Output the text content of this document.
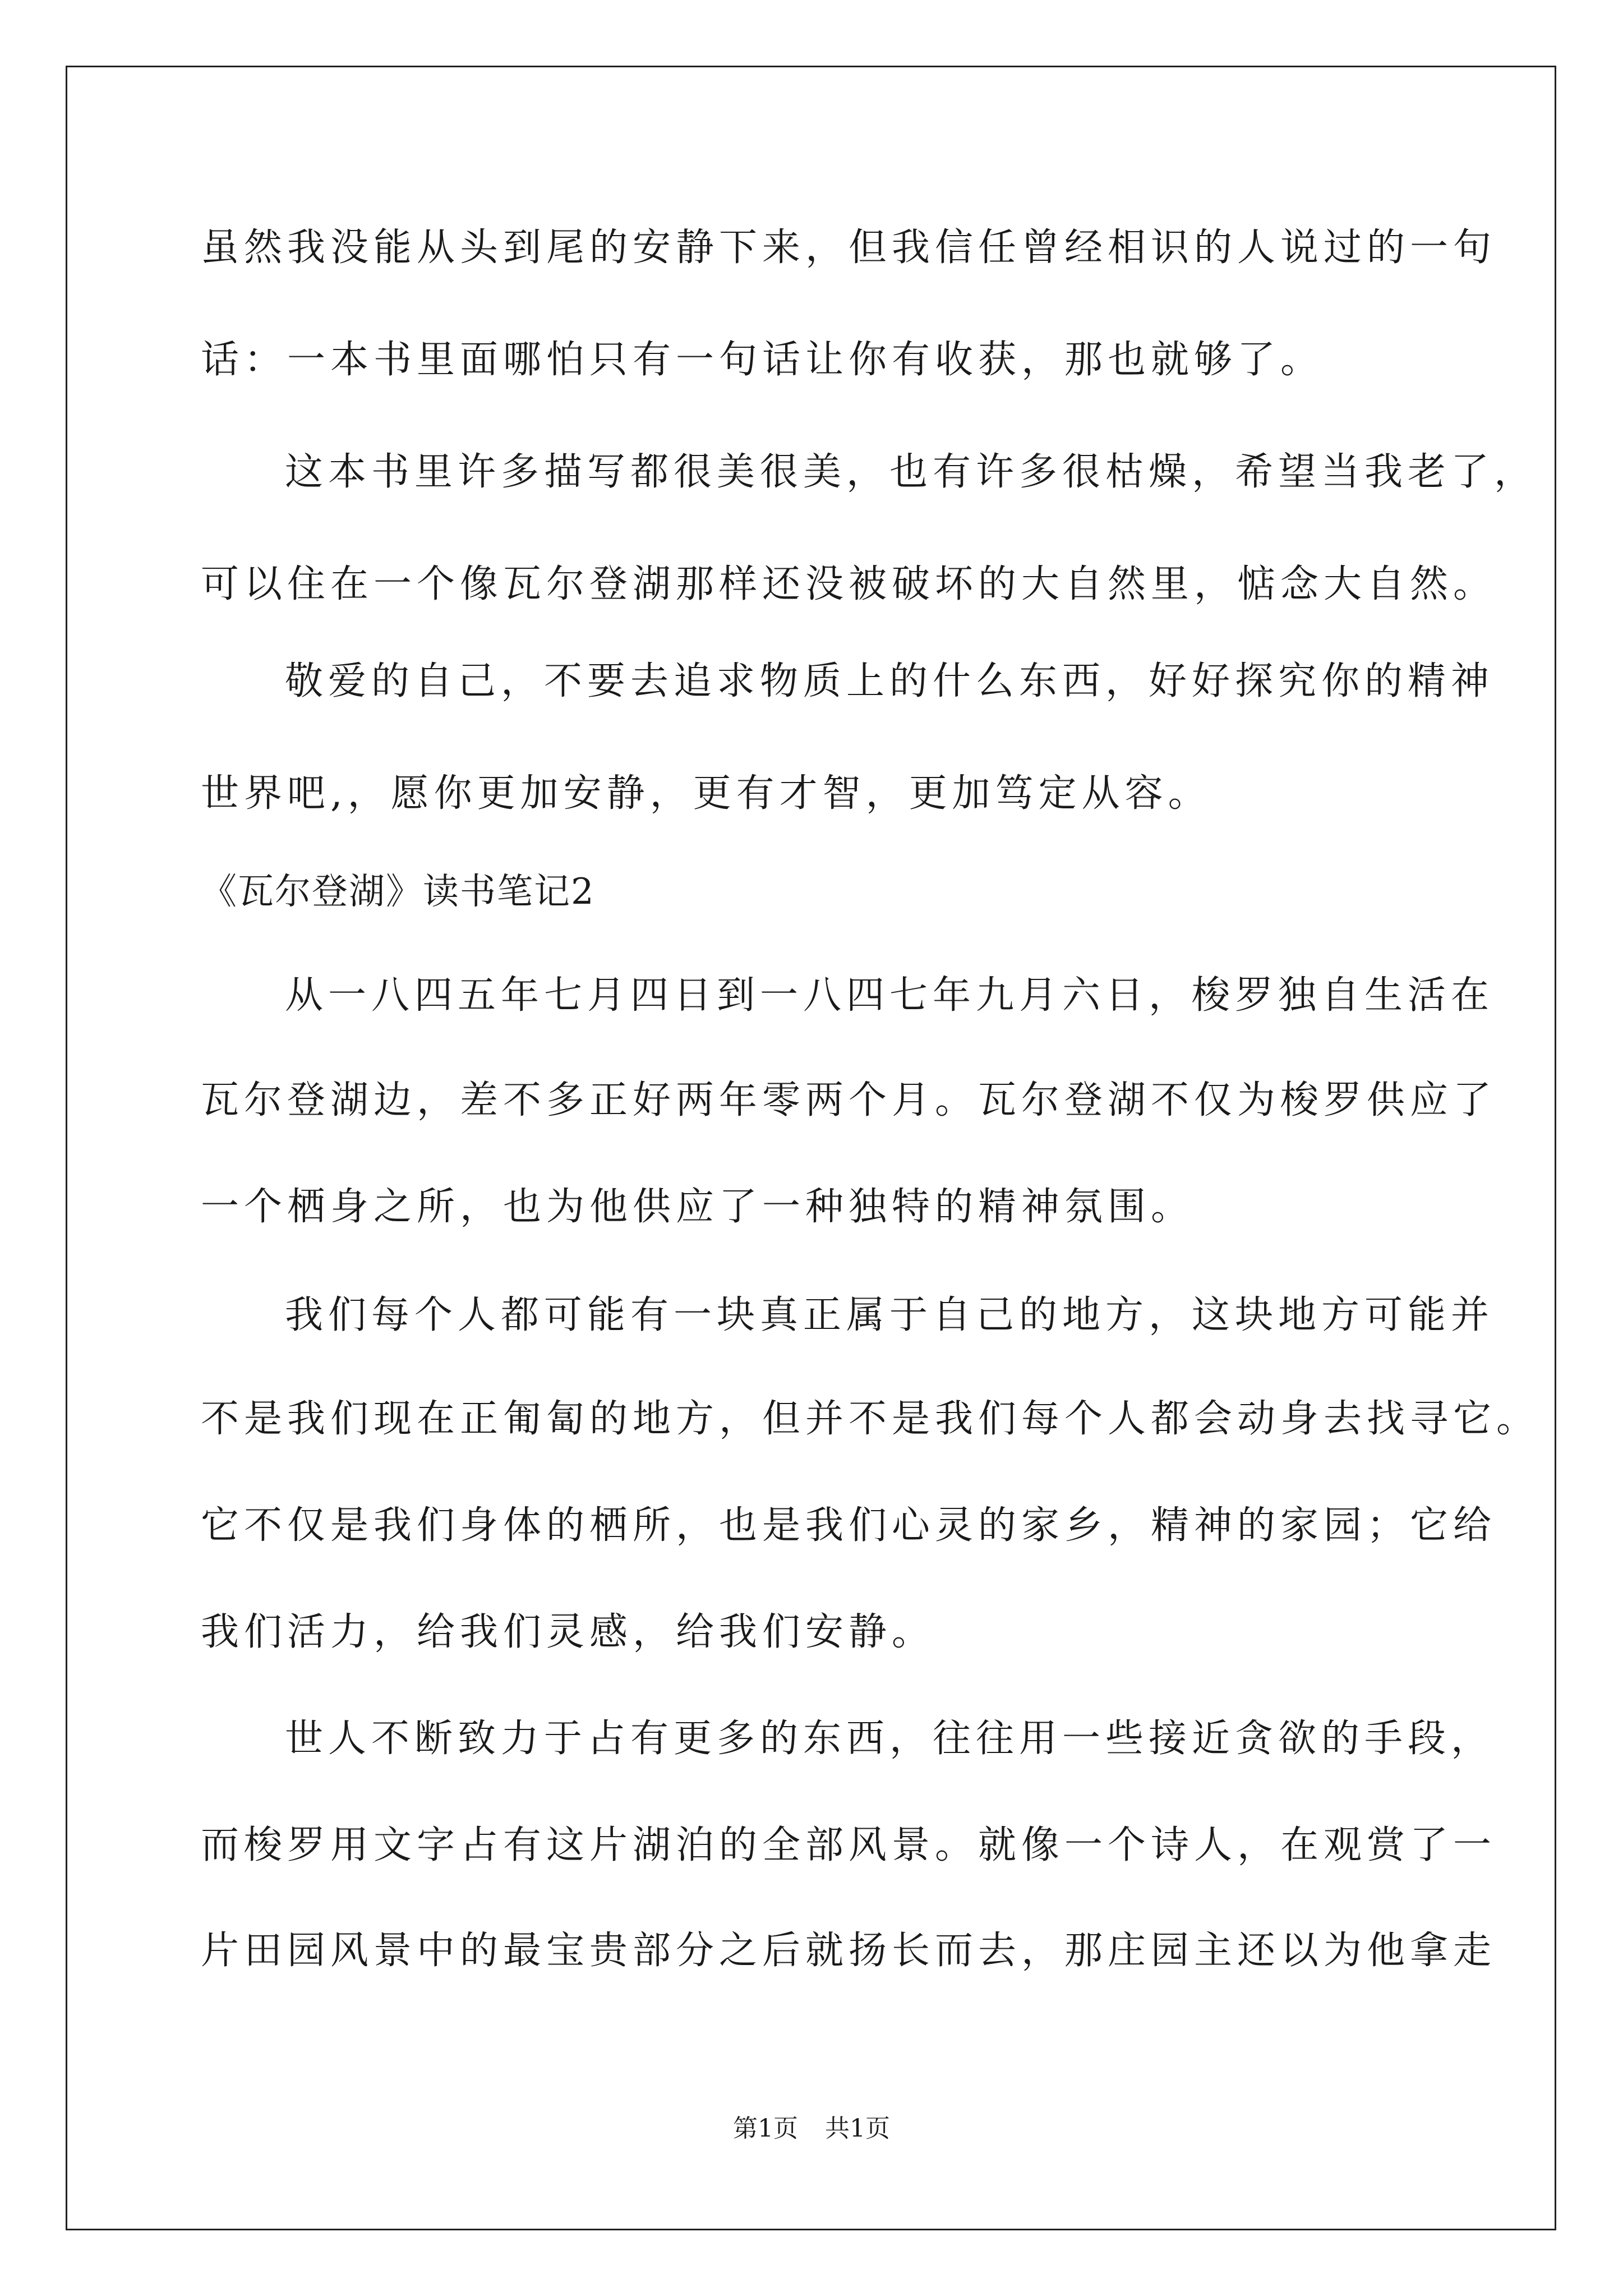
虽然我没能从头到尾的安静下来，但我信任曾经相识的人说过的一句
话：一本书里面哪怕只有一句话让你有收获，那也就够了。
这本书里许多描写都很美很美，也有许多很枯燥，希望当我老了，
可以住在一个像瓦尔登湖那样还没被破坏的大自然里，惦念大自然。
敬爱的自己，不要去追求物质上的什么东西，好好探究你的精神
世界吧,，愿你更加安静，更有才智，更加笃定从容。
《瓦尔登湖》读书笔记2
从一八四五年七月四日到一八四七年九月六日，梭罗独自生活在
瓦尔登湖边，差不多正好两年零两个月。瓦尔登湖不仅为梭罗供应了
一个栖身之所，也为他供应了一种独特的精神氛围。
我们每个人都可能有一块真正属于自己的地方，这块地方可能并
不是我们现在正匍匐的地方，但并不是我们每个人都会动身去找寻它。
它不仅是我们身体的栖所，也是我们心灵的家乡，精神的家园；它给
我们活力，给我们灵感，给我们安静。
世人不断致力于占有更多的东西，往往用一些接近贪欲的手段，
而梭罗用文字占有这片湖泊的全部风景。就像一个诗人，在观赏了一
片田园风景中的最宝贵部分之后就扬长而去，那庄园主还以为他拿走
第1页 共1页
